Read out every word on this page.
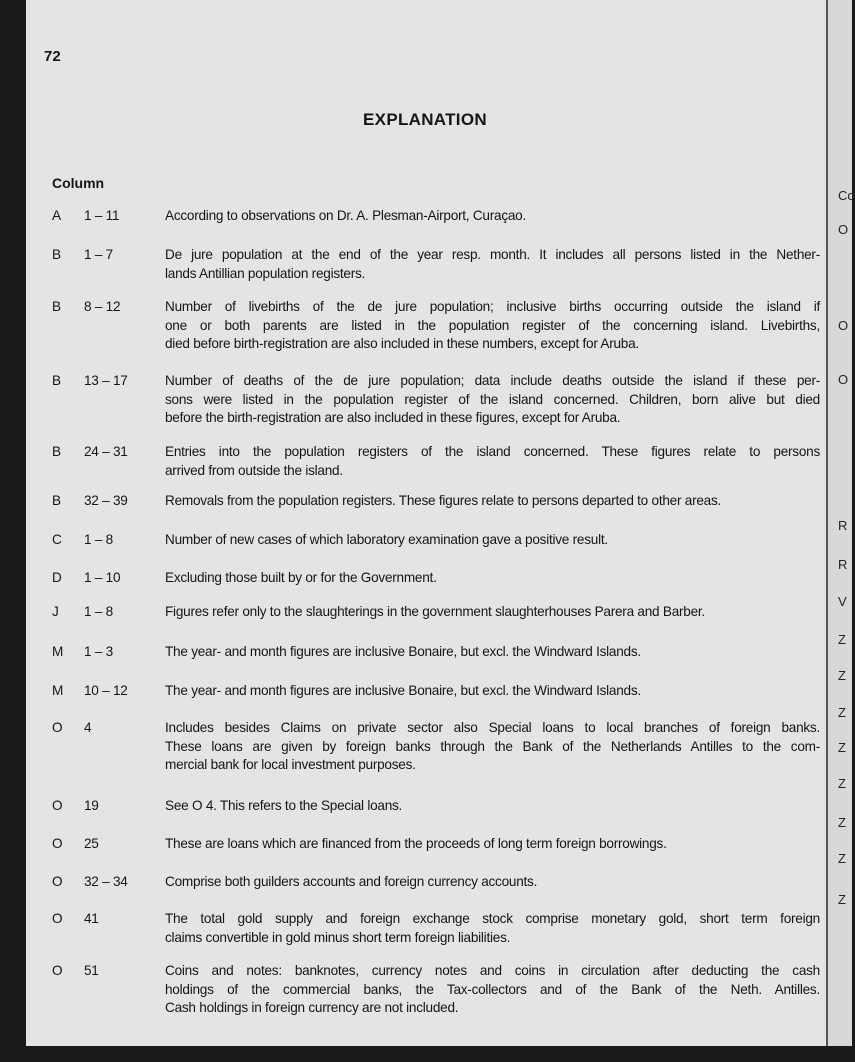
Co
O
O
O
R
R
V
Z
Z
Z
Z
Z
Z
Z
Z
72
EXPLANATION
Column
A 1 – 11	According to observations on Dr. A. Plesman-Airport, Curaçao.
B 1 – 7	De jure population at the end of the year resp. month. It includes all persons listed in the Nether-
lands Antillian population registers.
B 8 – 12	Number of livebirths of the de jure population; inclusive births occurring outside the island if
one or both parents are listed in the population register of the concerning island. Livebirths,
died before birth-registration are also included in these numbers, except for Aruba.
B 13 – 17	Number of deaths of the de jure population; data include deaths outside the island if these per-
sons were listed in the population register of the island concerned. Children, born alive but died
before the birth-registration are also included in these figures, except for Aruba.
B 24 – 31	Entries into the population registers of the island concerned. These figures relate to persons
arrived from outside the island.
B 32 – 39	Removals from the population registers. These figures relate to persons departed to other areas.
C 1 – 8	Number of new cases of which laboratory examination gave a positive result.
D 1 – 10	Excluding those built by or for the Government.
J 1 – 8	Figures refer only to the slaughterings in the government slaughterhouses Parera and Barber.
M 1 – 3	The year- and month figures are inclusive Bonaire, but excl. the Windward Islands.
M 10 – 12	The year- and month figures are inclusive Bonaire, but excl. the Windward Islands.
O 4	Includes besides Claims on private sector also Special loans to local branches of foreign banks.
These loans are given by foreign banks through the Bank of the Netherlands Antilles to the com-
mercial bank for local investment purposes.
O 19	See O 4. This refers to the Special loans.
O 25	These are loans which are financed from the proceeds of long term foreign borrowings.
O 32 – 34	Comprise both guilders accounts and foreign currency accounts.
O 41	The total gold supply and foreign exchange stock comprise monetary gold, short term foreign
claims convertible in gold minus short term foreign liabilities.
O 51	Coins and notes: banknotes, currency notes and coins in circulation after deducting the cash
holdings of the commercial banks, the Tax-collectors and of the Bank of the Neth. Antilles.
Cash holdings in foreign currency are not included.
